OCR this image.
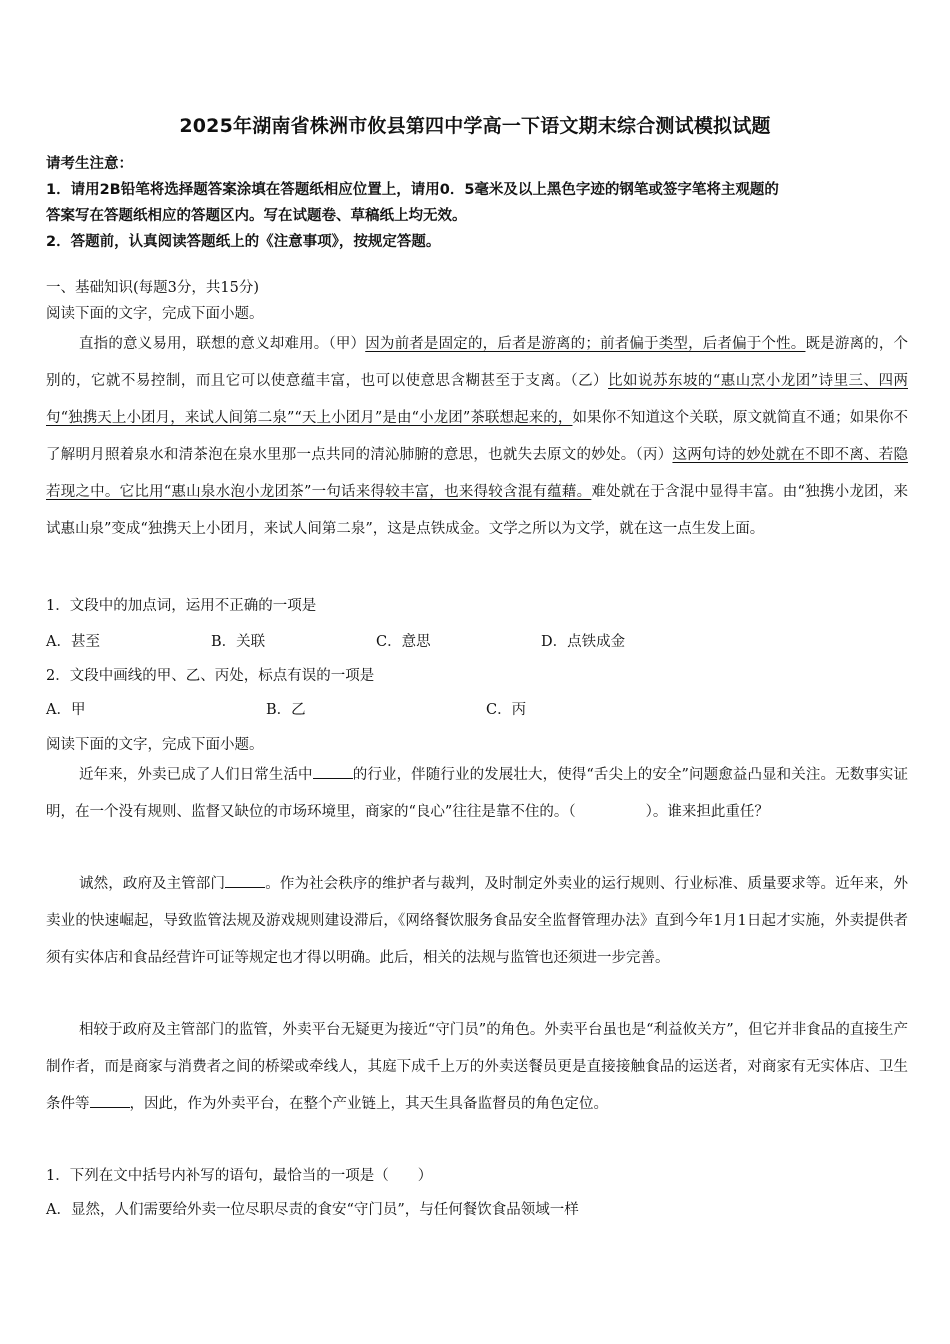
2025年湖南省株洲市攸县第四中学高一下语文期末综合测试模拟试题
请考生注意：
1．请用2B铅笔将选择题答案涂填在答题纸相应位置上，请用0．5毫米及以上黑色字迹的钢笔或签字笔将主观题的
答案写在答题纸相应的答题区内。写在试题卷、草稿纸上均无效。
2．答题前，认真阅读答题纸上的《注意事项》，按规定答题。
一、基础知识(每题3分，共15分)
阅读下面的文字，完成下面小题。
直指的意义易用，联想的意义却难用。（甲）因为前者是固定的，后者是游离的；前者偏于类型，后者偏于个性。既是游离的，个别的，它就不易控制，而且它可以使意蕴丰富，也可以使意思含糊甚至于支离。（乙）比如说苏东坡的“惠山烹小龙团”诗里三、四两句“独携天上小团月，来试人间第二泉”“天上小团月”是由“小龙团”茶联想起来的，如果你不知道这个关联，原文就简直不通；如果你不了解明月照着泉水和清茶泡在泉水里那一点共同的清沁肺腑的意思，也就失去原文的妙处。（丙）这两句诗的妙处就在不即不离、若隐若现之中。它比用“惠山泉水泡小龙团茶”一句话来得较丰富，也来得较含混有蕴藉。难处就在于含混中显得丰富。由“独携小龙团，来试惠山泉”变成“独携天上小团月，来试人间第二泉”，这是点铁成金。文学之所以为文学，就在这一点生发上面。
1．文段中的加点词，运用不正确的一项是
A．甚至	B．关联	C．意思	D．点铁成金
2．文段中画线的甲、乙、丙处，标点有误的一项是
A．甲	B．乙	C．丙
阅读下面的文字，完成下面小题。
近年来，外卖已成了人们日常生活中	的行业，伴随行业的发展壮大，使得“舌尖上的安全”问题愈益凸显和关注。无数事实证明，在一个没有规则、监督又缺位的市场环境里，商家的“良心”往往是靠不住的。（	）。谁来担此重任？
诚然，政府及主管部门	。作为社会秩序的维护者与裁判，及时制定外卖业的运行规则、行业标准、质量要求等。近年来，外卖业的快速崛起，导致监管法规及游戏规则建设滞后，《网络餐饮服务食品安全监督管理办法》直到今年1月1日起才实施，外卖提供者须有实体店和食品经营许可证等规定也才得以明确。此后，相关的法规与监管也还须进一步完善。
相较于政府及主管部门的监管，外卖平台无疑更为接近“守门员”的角色。外卖平台虽也是“利益攸关方”，但它并非食品的直接生产制作者，而是商家与消费者之间的桥梁或牵线人，其庭下成千上万的外卖送餐员更是直接接触食品的运送者，对商家有无实体店、卫生条件等	，因此，作为外卖平台，在整个产业链上，其天生具备监督员的角色定位。
1．下列在文中括号内补写的语句，最恰当的一项是（　　）
A．显然，人们需要给外卖一位尽职尽责的食安“守门员”，与任何餐饮食品领域一样
